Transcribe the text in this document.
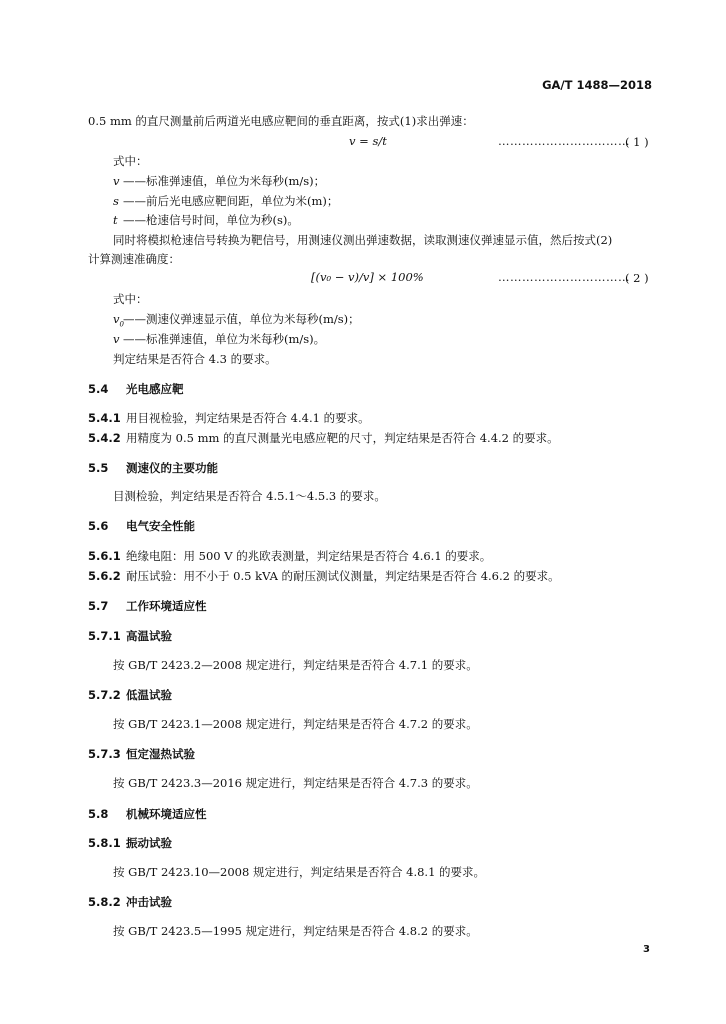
GA/T 1488—2018
0.5 mm 的直尺测量前后两道光电感应靶间的垂直距离，按式(1)求出弹速：
v = s/t	……………………………
( 1 )
式中：
v ——标准弹速值，单位为米每秒(m/s)；
s ——前后光电感应靶间距，单位为米(m)；
t ——枪速信号时间，单位为秒(s)。
同时将模拟枪速信号转换为靶信号，用测速仪测出弹速数据，读取测速仪弹速显示值，然后按式(2)
计算测速准确度：
[(v₀ − v)/v] × 100%	……………………………
( 2 )
式中：
$v_0——$测速仪弹速显示值，单位为米每秒(m/s)；
v ——标准弹速值，单位为米每秒(m/s)。
判定结果是否符合 4.3 的要求。
5.4 光电感应靶
5.4.1 用目视检验，判定结果是否符合 4.4.1 的要求。
5.4.2 用精度为 0.5 mm 的直尺测量光电感应靶的尺寸，判定结果是否符合 4.4.2 的要求。
5.5 测速仪的主要功能
目测检验，判定结果是否符合 4.5.1～4.5.3 的要求。
5.6 电气安全性能
5.6.1 绝缘电阻：用 500 V 的兆欧表测量，判定结果是否符合 4.6.1 的要求。
5.6.2 耐压试验：用不小于 0.5 kVA 的耐压测试仪测量，判定结果是否符合 4.6.2 的要求。
5.7 工作环境适应性
5.7.1 高温试验
按 GB/T 2423.2—2008 规定进行，判定结果是否符合 4.7.1 的要求。
5.7.2 低温试验
按 GB/T 2423.1—2008 规定进行，判定结果是否符合 4.7.2 的要求。
5.7.3 恒定湿热试验
按 GB/T 2423.3—2016 规定进行，判定结果是否符合 4.7.3 的要求。
5.8 机械环境适应性
5.8.1 振动试验
按 GB/T 2423.10—2008 规定进行，判定结果是否符合 4.8.1 的要求。
5.8.2 冲击试验
按 GB/T 2423.5—1995 规定进行，判定结果是否符合 4.8.2 的要求。
3
